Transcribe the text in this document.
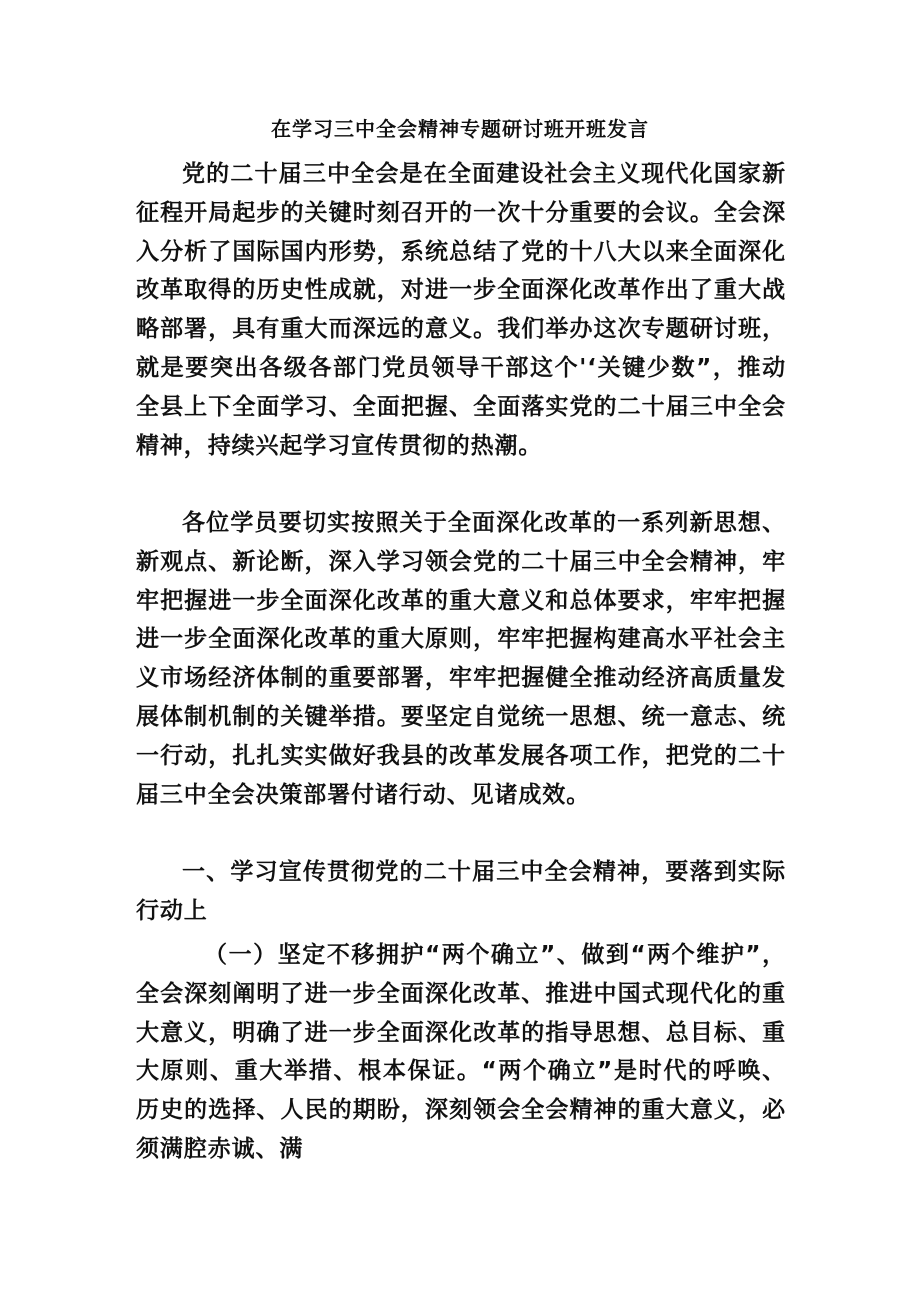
在学习三中全会精神专题研讨班开班发言

党的二十届三中全会是在全面建设社会主义现代化国家新征程开局起步的关键时刻召开的一次十分重要的会议。全会深入分析了国际国内形势，系统总结了党的十八大以来全面深化改革取得的历史性成就，对进一步全面深化改革作出了重大战略部署，具有重大而深远的意义。我们举办这次专题研讨班，就是要突出各级各部门党员领导干部这个'‘关键少数”，推动全县上下全面学习、全面把握、全面落实党的二十届三中全会精神，持续兴起学习宣传贯彻的热潮。

各位学员要切实按照关于全面深化改革的一系列新思想、新观点、新论断，深入学习领会党的二十届三中全会精神，牢牢把握进一步全面深化改革的重大意义和总体要求，牢牢把握进一步全面深化改革的重大原则，牢牢把握构建高水平社会主义市场经济体制的重要部署，牢牢把握健全推动经济高质量发展体制机制的关键举措。要坚定自觉统一思想、统一意志、统一行动，扎扎实实做好我县的改革发展各项工作，把党的二十届三中全会决策部署付诸行动、见诸成效。

一、学习宣传贯彻党的二十届三中全会精神，要落到实际行动上

（一）坚定不移拥护“两个确立”、做到“两个维护”，全会深刻阐明了进一步全面深化改革、推进中国式现代化的重大意义，明确了进一步全面深化改革的指导思想、总目标、重大原则、重大举措、根本保证。“两个确立”是时代的呼唤、历史的选择、人民的期盼，深刻领会全会精神的重大意义，必须满腔赤诚、满
